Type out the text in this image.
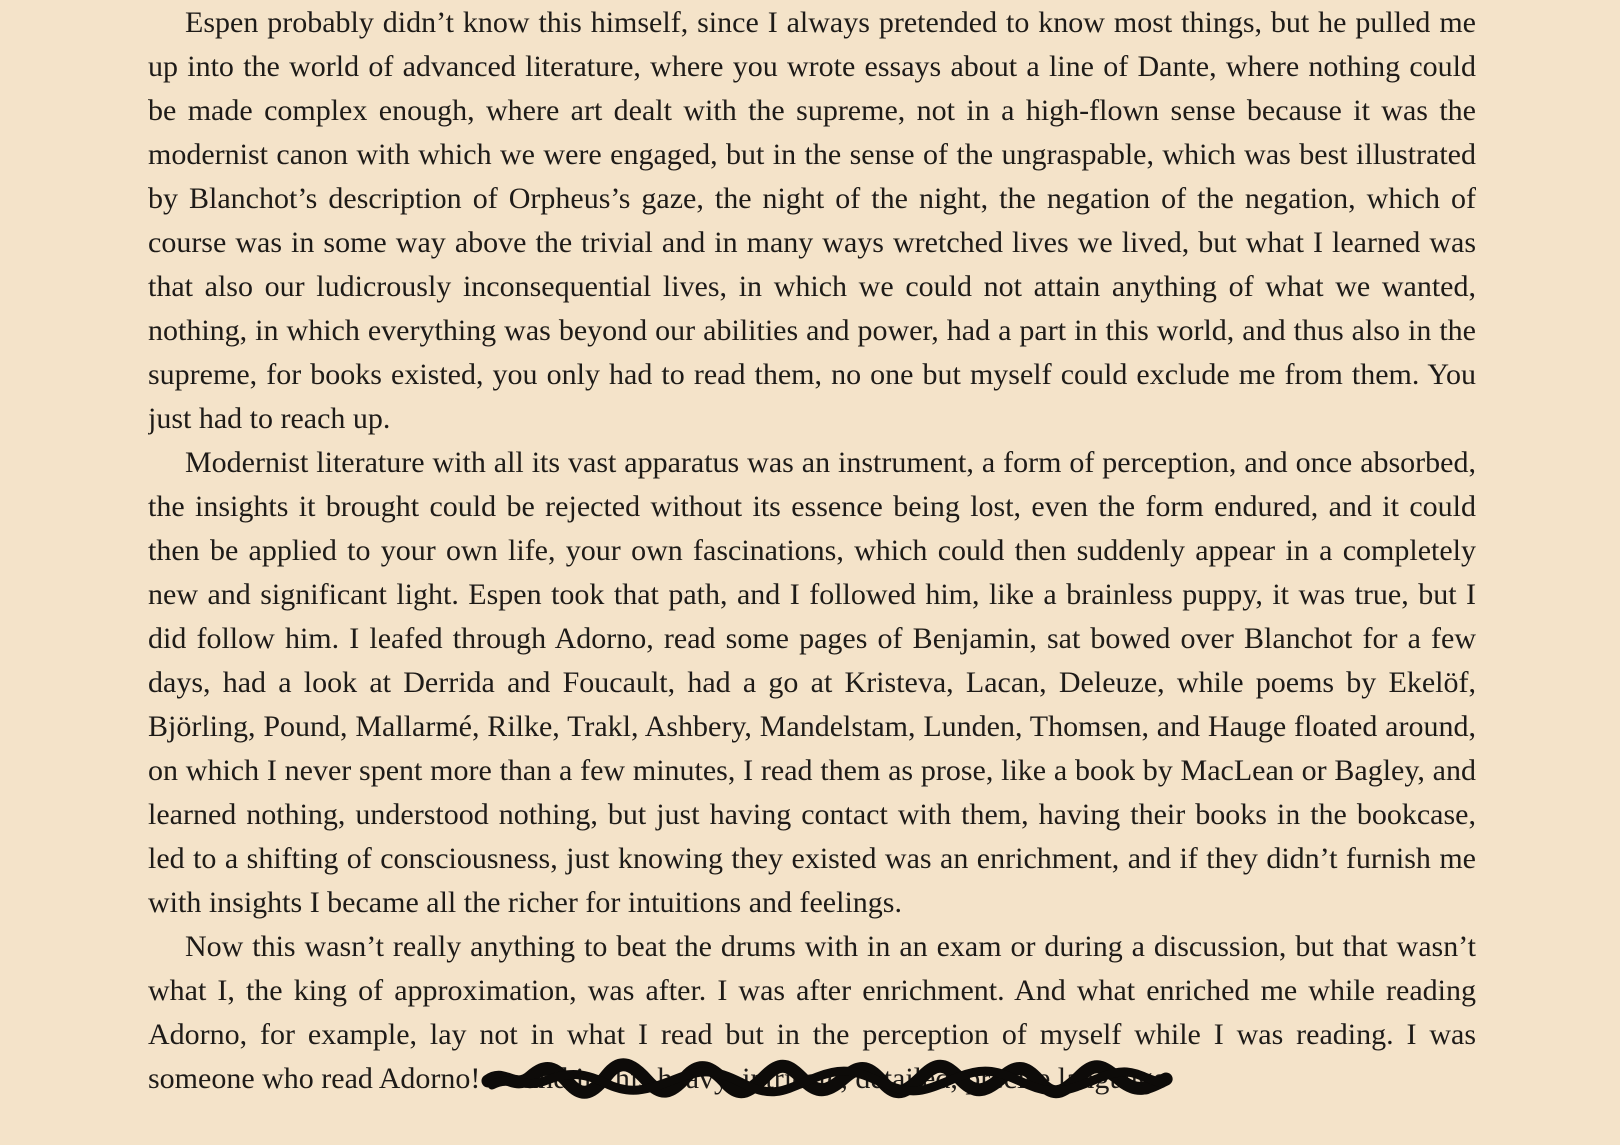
Espen probably didn’t know this himself, since I always pretended to know most things, but he pulled me up into the world of advanced literature, where you wrote essays about a line of Dante, where nothing could be made complex enough, where art dealt with the supreme, not in a high-flown sense because it was the modernist canon with which we were engaged, but in the sense of the ungraspable, which was best illustrated by Blanchot’s description of Orpheus’s gaze, the night of the night, the negation of the negation, which of course was in some way above the trivial and in many ways wretched lives we lived, but what I learned was that also our ludicrously inconsequential lives, in which we could not attain anything of what we wanted, nothing, in which everything was beyond our abilities and power, had a part in this world, and thus also in the supreme, for books existed, you only had to read them, no one but myself could exclude me from them. You just had to reach up.

Modernist literature with all its vast apparatus was an instrument, a form of perception, and once absorbed, the insights it brought could be rejected without its essence being lost, even the form endured, and it could then be applied to your own life, your own fascinations, which could then suddenly appear in a completely new and significant light. Espen took that path, and I followed him, like a brainless puppy, it was true, but I did follow him. I leafed through Adorno, read some pages of Benjamin, sat bowed over Blanchot for a few days, had a look at Derrida and Foucault, had a go at Kristeva, Lacan, Deleuze, while poems by Ekelöf, Björling, Pound, Mallarmé, Rilke, Trakl, Ashbery, Mandelstam, Lunden, Thomsen, and Hauge floated around, on which I never spent more than a few minutes, I read them as prose, like a book by MacLean or Bagley, and learned nothing, understood nothing, but just having contact with them, having their books in the bookcase, led to a shifting of consciousness, just knowing they existed was an enrichment, and if they didn’t furnish me with insights I became all the richer for intuitions and feelings.

Now this wasn’t really anything to beat the drums with in an exam or during a discussion, but that wasn’t what I, the king of approximation, was after. I was after enrichment. And what enriched me while reading Adorno, for example, lay not in what I read but in the perception of myself while I was reading. I was someone who read Adorno! and in this heavy, intricate, detailed, precise language
